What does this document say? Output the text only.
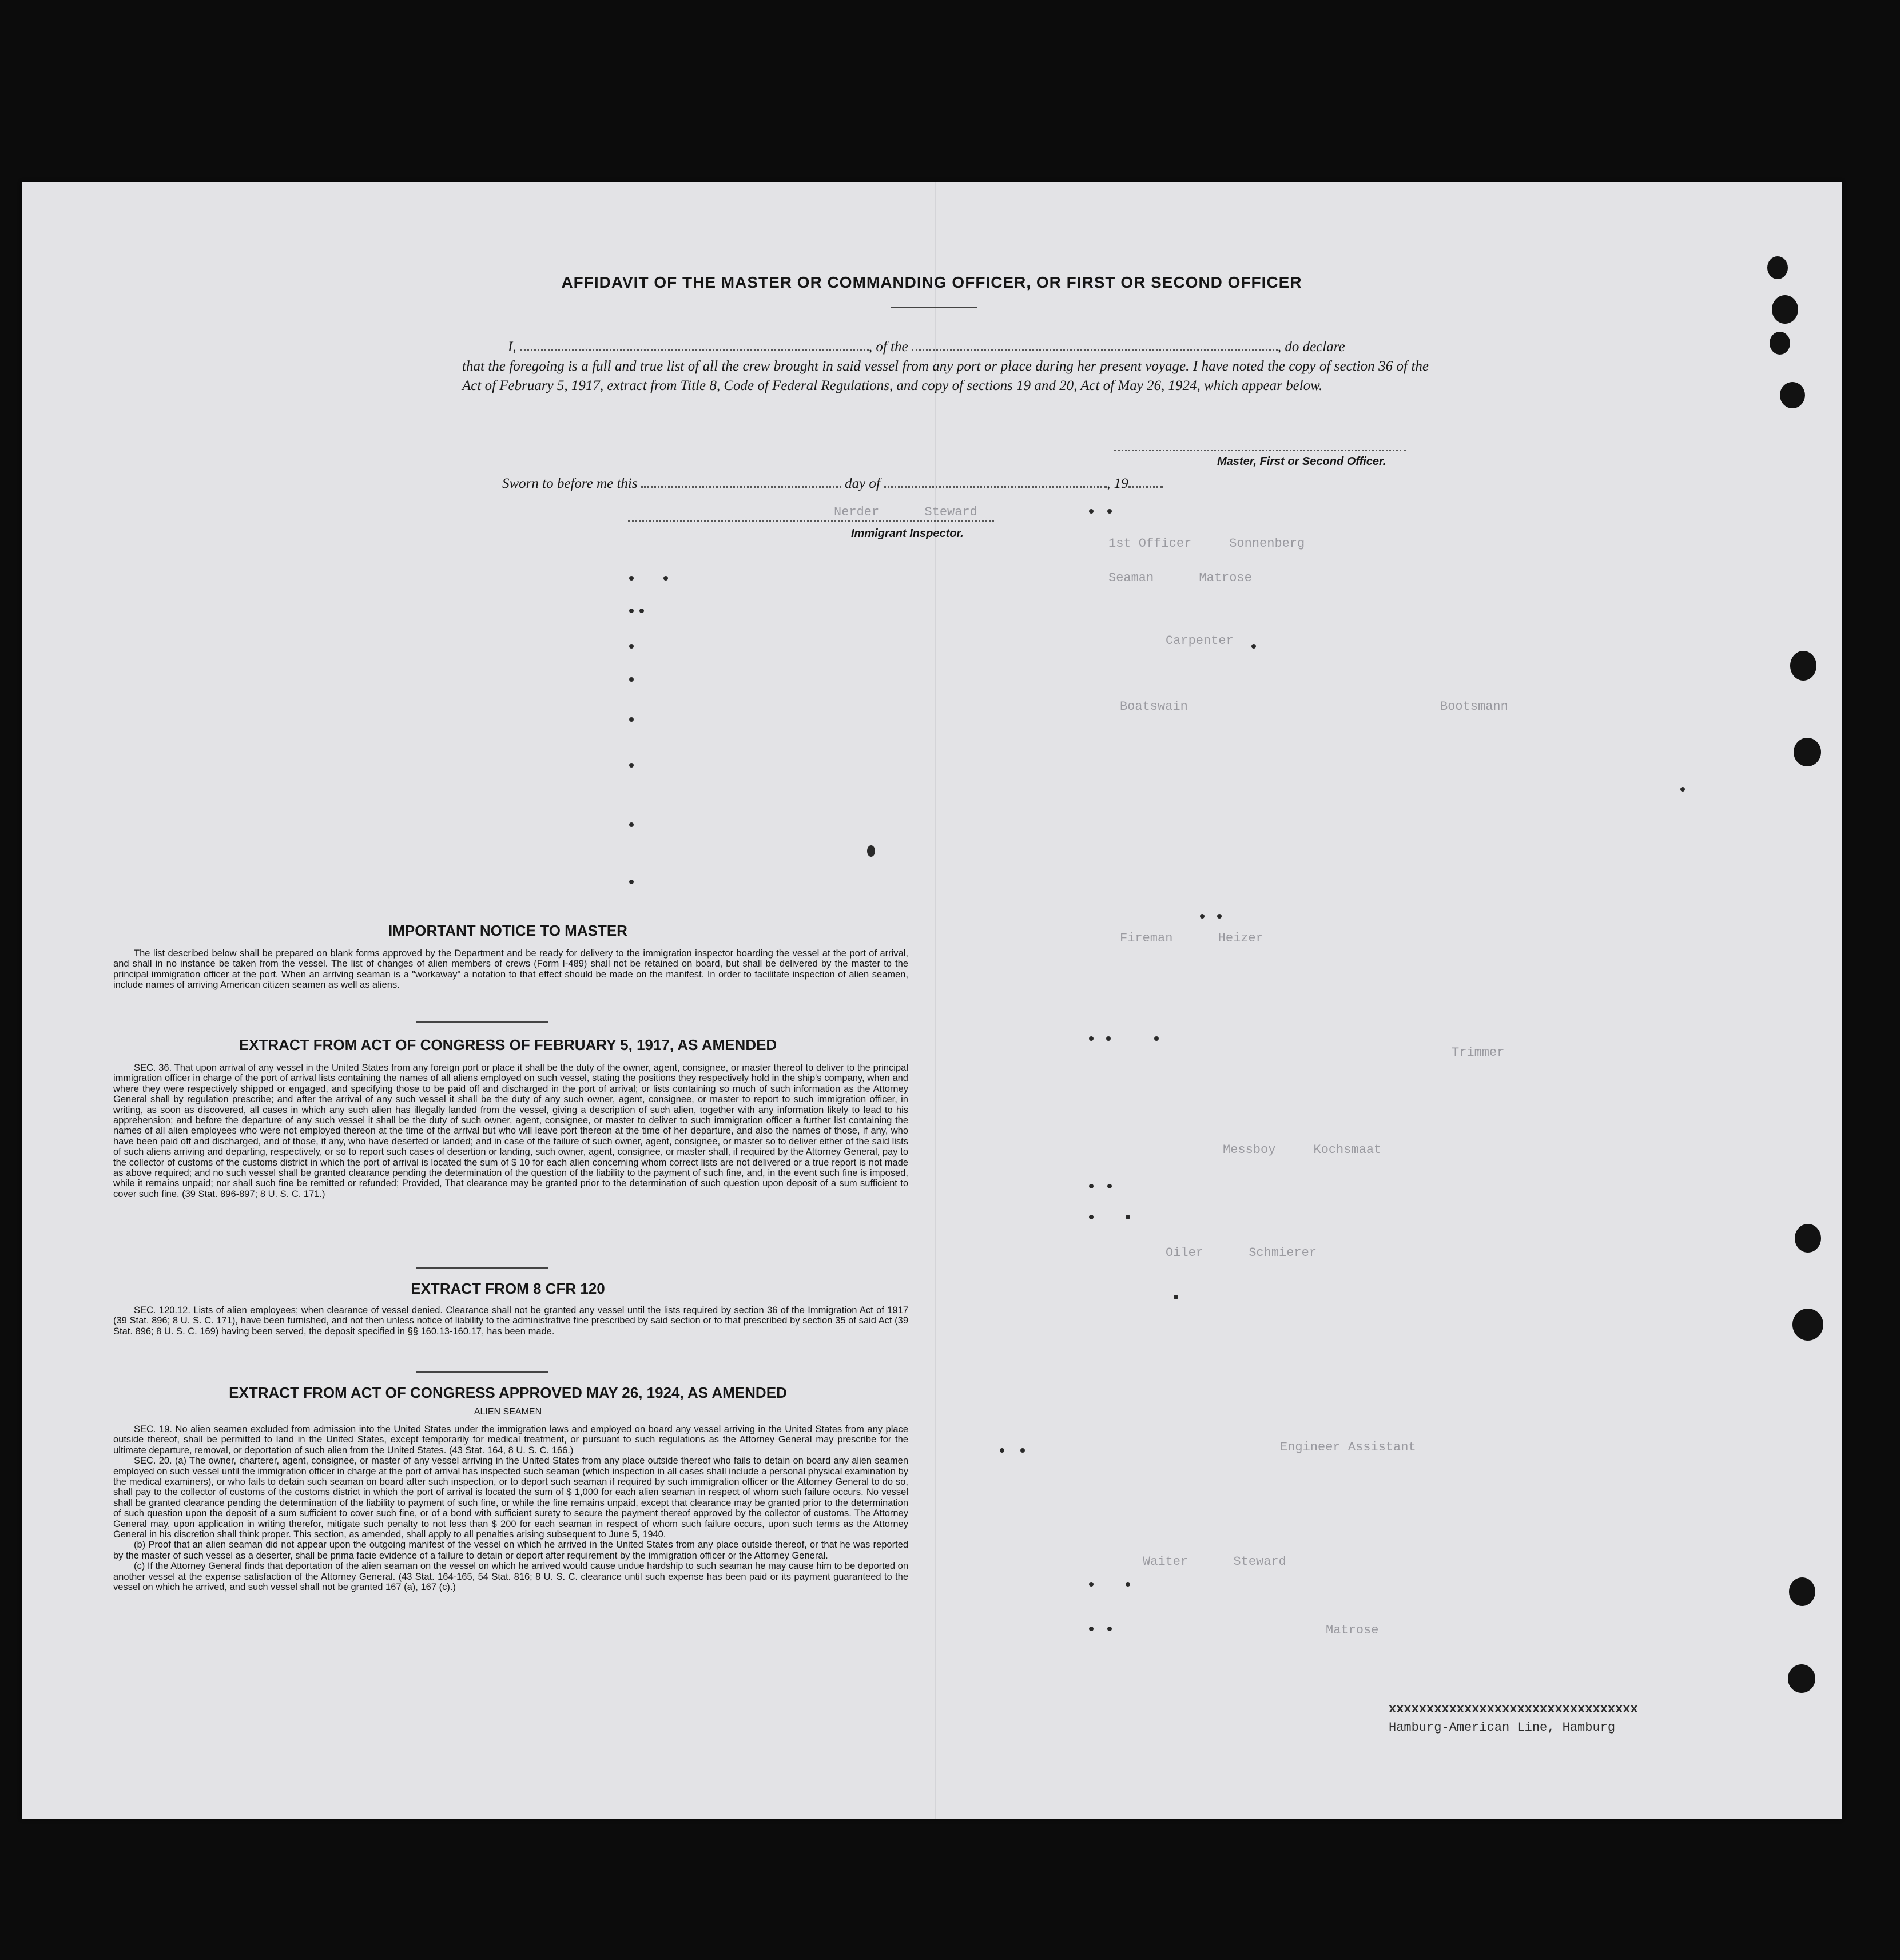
Nerder      Steward
1st Officer     Sonnenberg
Seaman      Matrose
Carpenter
Boatswain	Bootsmann
Fireman      Heizer
Trimmer
Messboy     Kochsmaat
Oiler      Schmierer
Engineer Assistant
Waiter      Steward
Matrose
AFFIDAVIT OF THE MASTER OR COMMANDING OFFICER, OR FIRST OR SECOND OFFICER
I,	, of the	, do declare
that the foregoing is a full and true list of all the crew brought in said vessel from any port or place during her present voyage. I have noted the copy of section 36 of the Act of February 5, 1917, extract from Title 8, Code of Federal Regulations, and copy of sections 19 and 20, Act of May 26, 1924, which appear below.
Master, First or Second Officer.
Sworn to before me this	day of	, 19
Immigrant Inspector.
IMPORTANT NOTICE TO MASTER

The list described below shall be prepared on blank forms approved by the Department and be ready for delivery to the immigration inspector boarding the vessel at the port of arrival, and shall in no instance be taken from the vessel. The list of changes of alien members of crews (Form I-489) shall not be retained on board, but shall be delivered by the master to the principal immigration officer at the port. When an arriving seaman is a "workaway" a notation to that effect should be made on the manifest. In order to facilitate inspection of alien seamen, include names of arriving American citizen seamen as well as aliens.

EXTRACT FROM ACT OF CONGRESS OF FEBRUARY 5, 1917, AS AMENDED

SEC. 36. That upon arrival of any vessel in the United States from any foreign port or place it shall be the duty of the owner, agent, consignee, or master thereof to deliver to the principal immigration officer in charge of the port of arrival lists containing the names of all aliens employed on such vessel, stating the positions they respectively hold in the ship's company, when and where they were respectively shipped or engaged, and specifying those to be paid off and discharged in the port of arrival; or lists containing so much of such information as the Attorney General shall by regulation prescribe; and after the arrival of any such vessel it shall be the duty of any such owner, agent, consignee, or master to report to such immigration officer, in writing, as soon as discovered, all cases in which any such alien has illegally landed from the vessel, giving a description of such alien, together with any information likely to lead to his apprehension; and before the departure of any such vessel it shall be the duty of such owner, agent, consignee, or master to deliver to such immigration officer a further list containing the names of all alien employees who were not employed thereon at the time of the arrival but who will leave port thereon at the time of her departure, and also the names of those, if any, who have been paid off and discharged, and of those, if any, who have deserted or landed; and in case of the failure of such owner, agent, consignee, or master so to deliver either of the said lists of such aliens arriving and departing, respectively, or so to report such cases of desertion or landing, such owner, agent, consignee, or master shall, if required by the Attorney General, pay to the collector of customs of the customs district in which the port of arrival is located the sum of $ 10 for each alien concerning whom correct lists are not delivered or a true report is not made as above required; and no such vessel shall be granted clearance pending the determination of the question of the liability to the payment of such fine, and, in the event such fine is imposed, while it remains unpaid; nor shall such fine be remitted or refunded; Provided, That clearance may be granted prior to the determination of such question upon deposit of a sum sufficient to cover such fine. (39 Stat. 896-897; 8 U. S. C. 171.)

EXTRACT FROM 8 CFR 120

SEC. 120.12. Lists of alien employees; when clearance of vessel denied. Clearance shall not be granted any vessel until the lists required by section 36 of the Immigration Act of 1917 (39 Stat. 896; 8 U. S. C. 171), have been furnished, and not then unless notice of liability to the administrative fine prescribed by said section or to that prescribed by section 35 of said Act (39 Stat. 896; 8 U. S. C. 169) having been served, the deposit specified in §§ 160.13-160.17, has been made.

EXTRACT FROM ACT OF CONGRESS APPROVED MAY 26, 1924, AS AMENDED
ALIEN SEAMEN

SEC. 19. No alien seamen excluded from admission into the United States under the immigration laws and employed on board any vessel arriving in the United States from any place outside thereof, shall be permitted to land in the United States, except temporarily for medical treatment, or pursuant to such regulations as the Attorney General may prescribe for the ultimate departure, removal, or deportation of such alien from the United States. (43 Stat. 164, 8 U. S. C. 166.)

SEC. 20. (a) The owner, charterer, agent, consignee, or master of any vessel arriving in the United States from any place outside thereof who fails to detain on board any alien seamen employed on such vessel until the immigration officer in charge at the port of arrival has inspected such seaman (which inspection in all cases shall include a personal physical examination by the medical examiners), or who fails to detain such seaman on board after such inspection, or to deport such seaman if required by such immigration officer or the Attorney General to do so, shall pay to the collector of customs of the customs district in which the port of arrival is located the sum of $ 1,000 for each alien seaman in respect of whom such failure occurs. No vessel shall be granted clearance pending the determination of the liability to payment of such fine, or while the fine remains unpaid, except that clearance may be granted prior to the determination of such question upon the deposit of a sum sufficient to cover such fine, or of a bond with sufficient surety to secure the payment thereof approved by the collector of customs. The Attorney General may, upon application in writing therefor, mitigate such penalty to not less than $ 200 for each seaman in respect of whom such failure occurs, upon such terms as the Attorney General in his discretion shall think proper. This section, as amended, shall apply to all penalties arising subsequent to June 5, 1940.

(b) Proof that an alien seaman did not appear upon the outgoing manifest of the vessel on which he arrived in the United States from any place outside thereof, or that he was reported by the master of such vessel as a deserter, shall be prima facie evidence of a failure to detain or deport after requirement by the immigration officer or the Attorney General.

(c) If the Attorney General finds that deportation of the alien seaman on the vessel on which he arrived would cause undue hardship to such seaman he may cause him to be deported on another vessel at the expense satisfaction of the Attorney General. (43 Stat. 164-165, 54 Stat. 816; 8 U. S. C. clearance until such expense has been paid or its payment guaranteed to the vessel on which he arrived, and such vessel shall not be granted 167 (a), 167 (c).)

xxxxxxxxxxxxxxxxxxxxxxxxxxxxxxxxx
Hamburg-American Line, Hamburg
